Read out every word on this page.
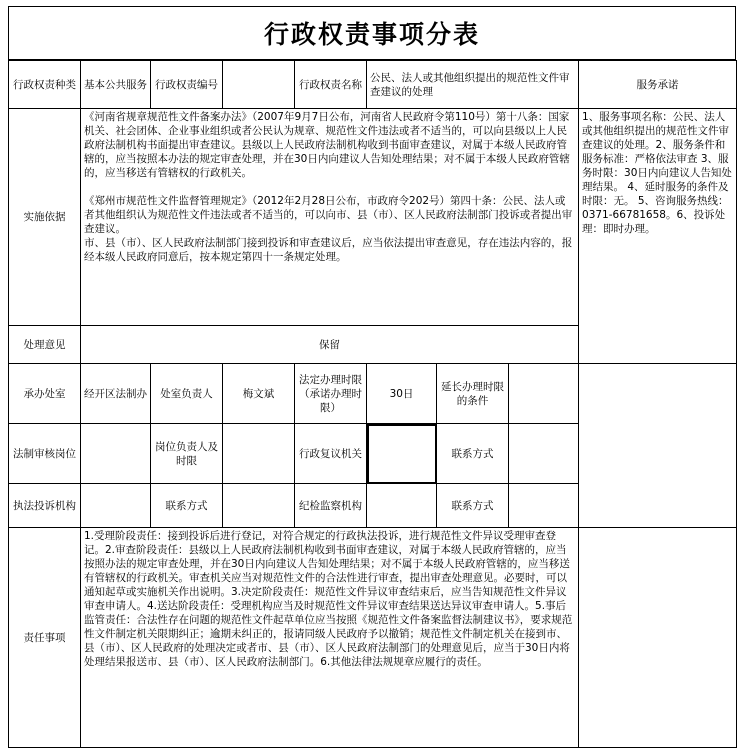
行政权责事项分表
行政权责种类	基本公共服务	行政权责编号		行政权责名称	公民、法人或其他组织提出的规范性文件审查建议的处理			服务承诺
实施依据	《河南省规章规范性文件备案办法》（2007年9月7日公布，河南省人民政府令第110号）第十八条：国家机关、社会团体、企业事业组织或者公民认为规章、规范性文件违法或者不适当的，可以向县级以上人民政府法制机构书面提出审查建议。县级以上人民政府法制机构收到书面审查建议，对属于本级人民政府管辖的，应当按照本办法的规定审查处理，并在30日内向建议人告知处理结果；对不属于本级人民政府管辖的，应当移送有管辖权的行政机关。

《郑州市规范性文件监督管理规定》（2012年2月28日公布，市政府令202号）第四十条：公民、法人或者其他组织认为规范性文件违法或者不适当的，可以向市、县（市）、区人民政府法制部门投诉或者提出审查建议。

市、县（市）、区人民政府法制部门接到投诉和审查建议后，应当依法提出审查意见，存在违法内容的，报经本级人民政府同意后，按本规定第四十一条规定处理。							1、服务事项名称：公民、法人或其他组织提出的规范性文件审查建议的处理。2、服务条件和服务标准：严格依法审查 3、服务时限：30日内向建议人告知处理结果。 4、延时服务的条件及时限：无。 5、咨询服务热线：0371-66781658。6、投诉处理：即时办理。
处理意见	保留							
承办处室	经开区法制办	处室负责人	梅文斌	法定办理时限（承诺办理时限）	30日	延长办理时限的条件		
法制审核岗位		岗位负责人及时限		行政复议机关		联系方式		
执法投诉机构		联系方式		纪检监察机构		联系方式		
责任事项	1.受理阶段责任：接到投诉后进行登记，对符合规定的行政执法投诉，进行规范性文件异议受理审查登记。2.审查阶段责任：县级以上人民政府法制机构收到书面审查建议，对属于本级人民政府管辖的，应当按照办法的规定审查处理，并在30日内向建议人告知处理结果；对不属于本级人民政府管辖的，应当移送有管辖权的行政机关。审查机关应当对规范性文件的合法性进行审查，提出审查处理意见。必要时，可以通知起草或实施机关作出说明。3.决定阶段责任：规范性文件异议审查结束后，应当告知规范性文件异议审查申请人。4.送达阶段责任：受理机构应当及时规范性文件异议审查结果送达异议审查申请人。5.事后监管责任：合法性存在问题的规范性文件起草单位应当按照《规范性文件备案监督法制建议书》，要求规范性文件制定机关限期纠正；逾期未纠正的，报请同级人民政府予以撤销；规范性文件制定机关在接到市、县（市）、区人民政府的处理决定或者市、县（市）、区人民政府法制部门的处理意见后，应当于30日内将处理结果报送市、县（市）、区人民政府法制部门。6.其他法律法规规章应履行的责任。							
